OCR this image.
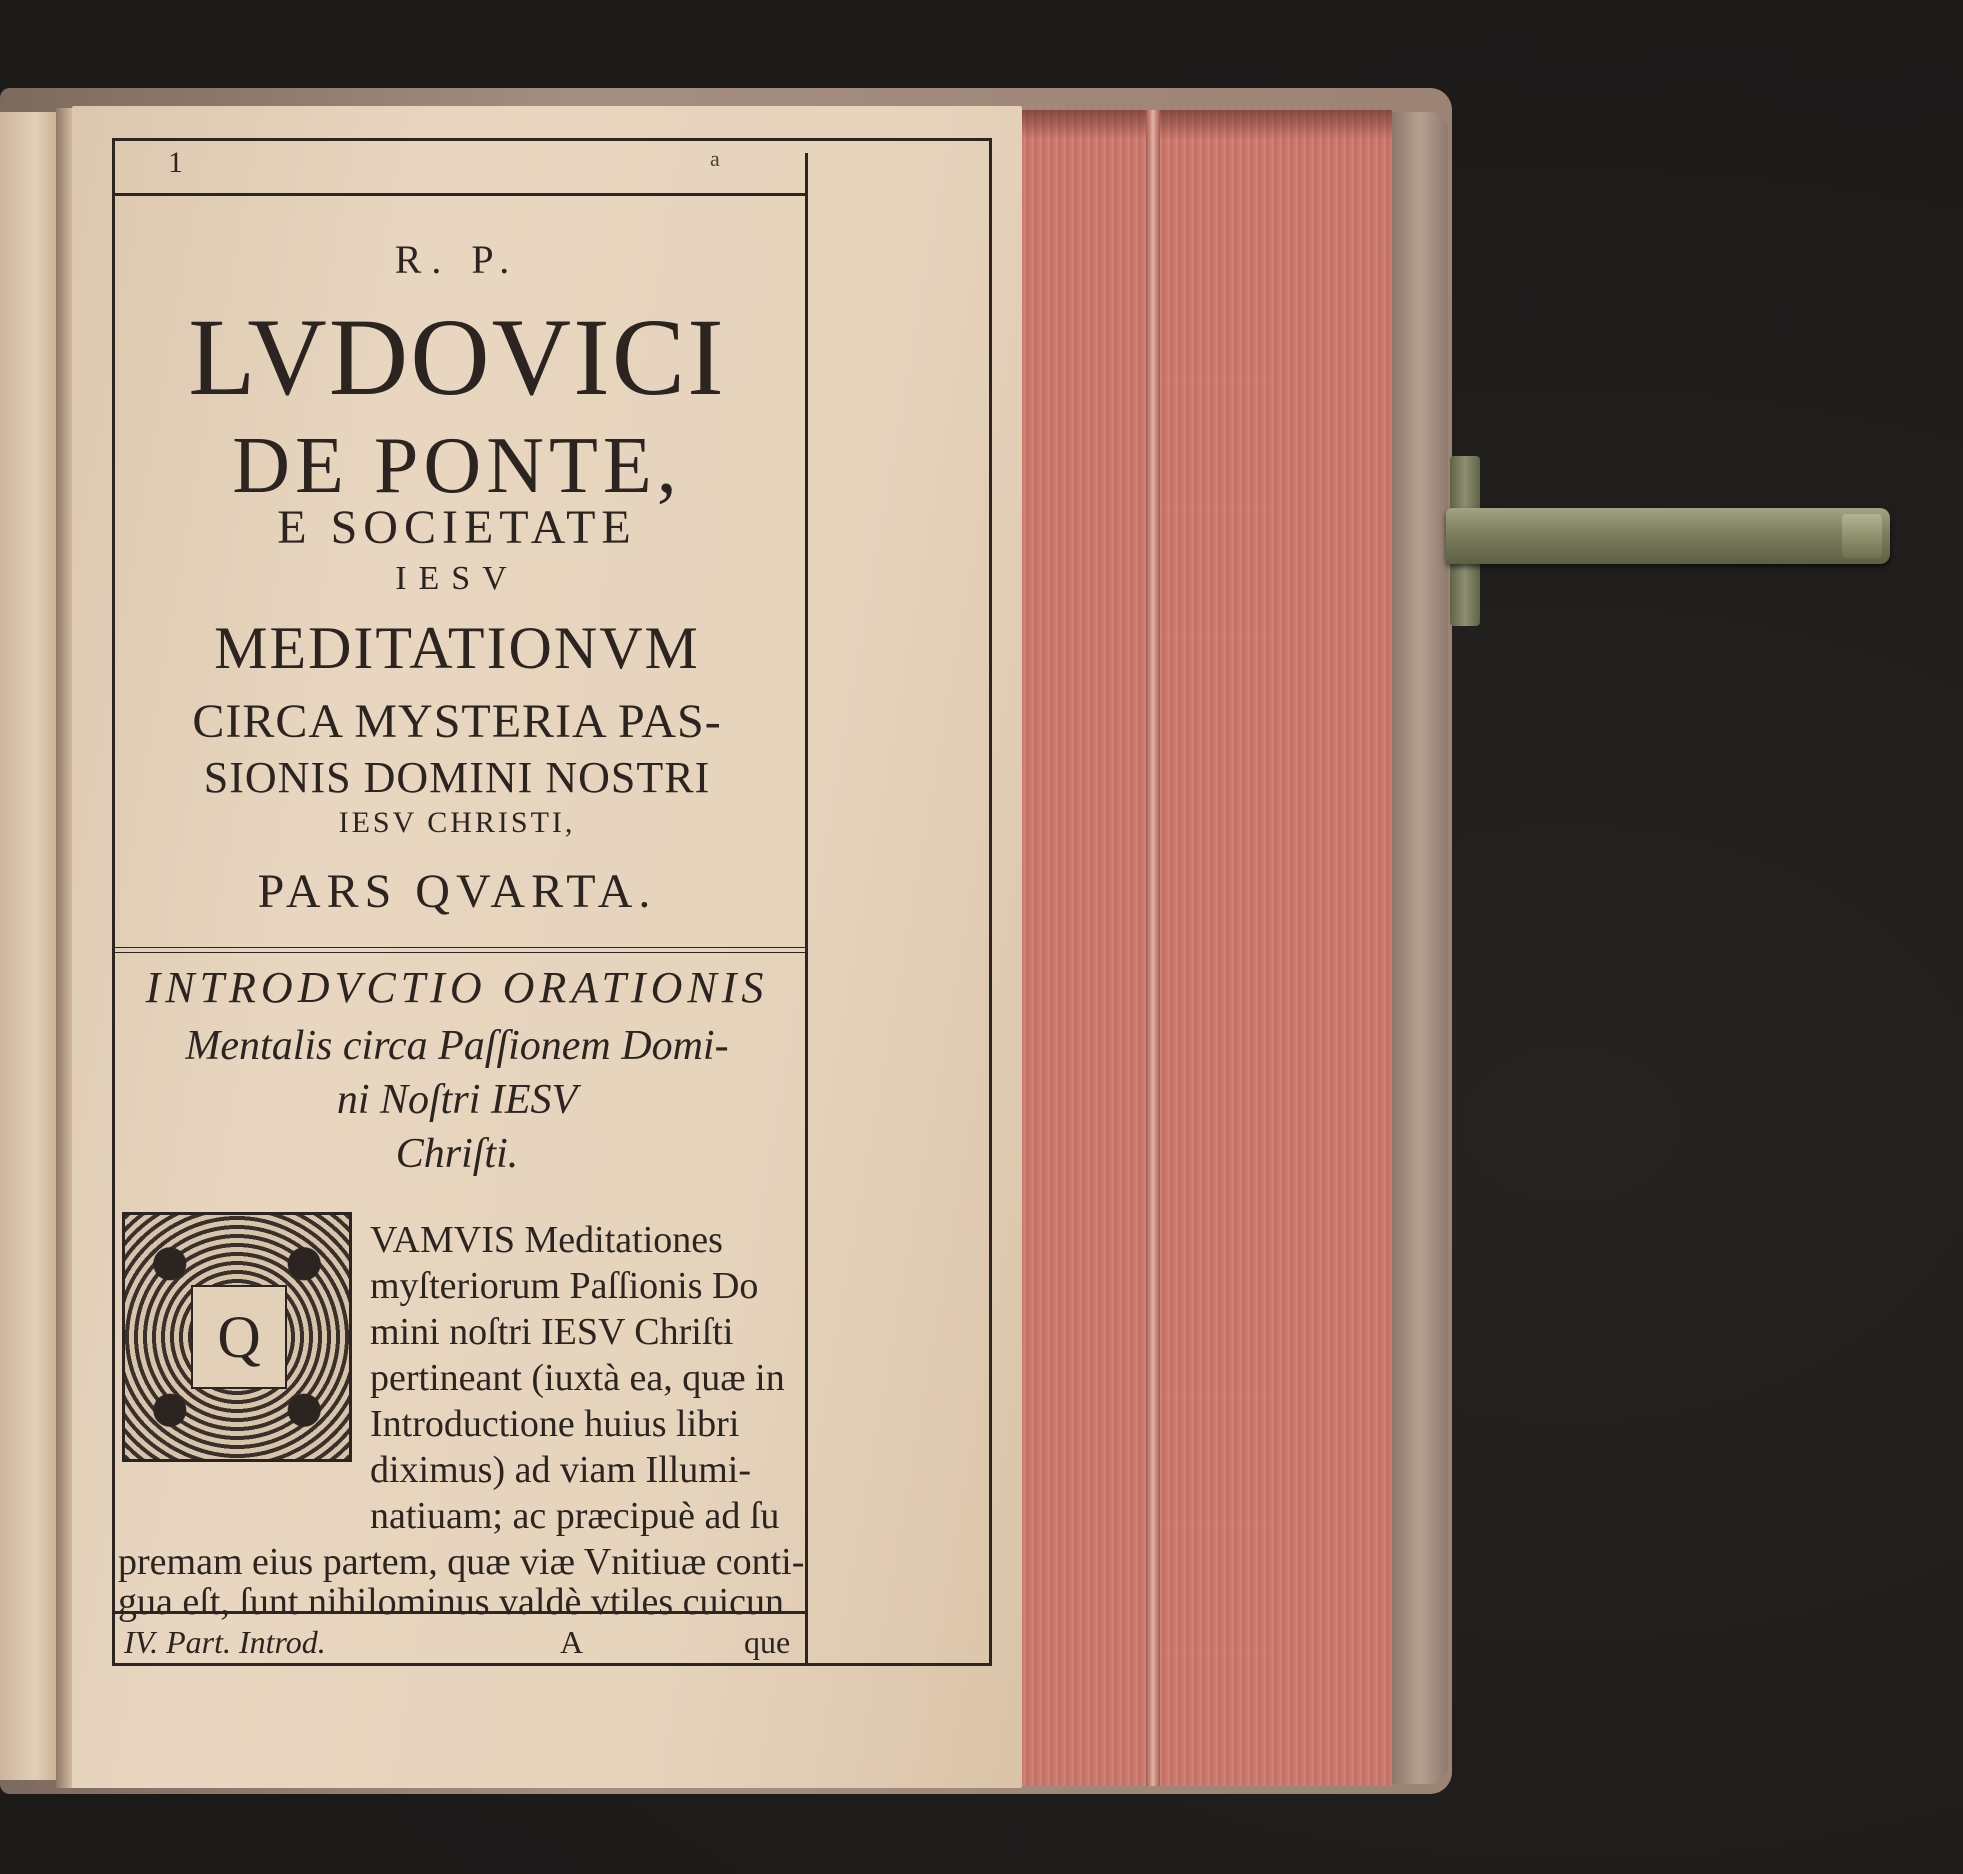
1	a
R. P.
LVDOVICI
DE PONTE,
E SOCIETATE
IESV
MEDITATIONVM
CIRCA MYSTERIA PAS-
SIONIS DOMINI NOSTRI
IESV CHRISTI,
PARS QVARTA.
INTRODVCTIO ORATIONIS
Mentalis circa Paſſionem Domi-
ni Noſtri IESV
Chriſti.
Q
VAMVIS Meditationes
myſteriorum Paſſionis Do
mini noſtri IESV Chriſti
pertineant (iuxtà ea, quæ in
Introductione huius libri
diximus) ad viam Illumi-
natiuam; ac præcipuè ad ſu
premam eius partem, quæ viæ Vnitiuæ conti-
gua eſt, ſunt nihilominus valdè vtiles cuicun
IV. Part. Introd.	A	que
